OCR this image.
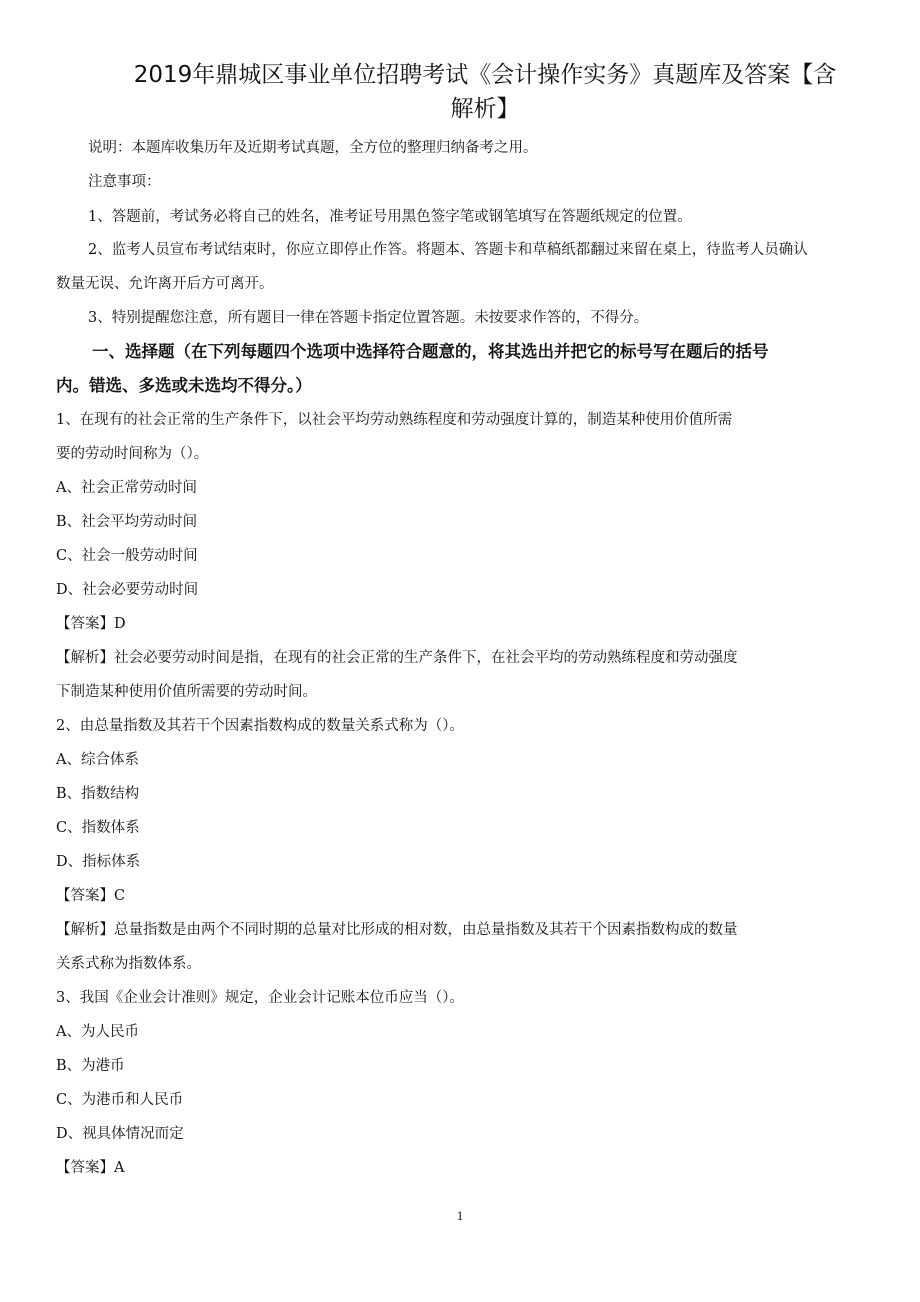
2019年鼎城区事业单位招聘考试《会计操作实务》真题库及答案【含
解析】

说明：本题库收集历年及近期考试真题，全方位的整理归纳备考之用。

注意事项：

1、答题前，考试务必将自己的姓名，准考证号用黑色签字笔或钢笔填写在答题纸规定的位置。

2、监考人员宣布考试结束时，你应立即停止作答。将题本、答题卡和草稿纸都翻过来留在桌上，待监考人员确认

数量无误、允许离开后方可离开。

3、特别提醒您注意，所有题目一律在答题卡指定位置答题。未按要求作答的，不得分。

一、选择题（在下列每题四个选项中选择符合题意的，将其选出并把它的标号写在题后的括号

内。错选、多选或未选均不得分。）

1、在现有的社会正常的生产条件下，以社会平均劳动熟练程度和劳动强度计算的，制造某种使用价值所需

要的劳动时间称为（）。

A、社会正常劳动时间

B、社会平均劳动时间

C、社会一般劳动时间

D、社会必要劳动时间

【答案】D

【解析】社会必要劳动时间是指，在现有的社会正常的生产条件下，在社会平均的劳动熟练程度和劳动强度

下制造某种使用价值所需要的劳动时间。

2、由总量指数及其若干个因素指数构成的数量关系式称为（）。

A、综合体系

B、指数结构

C、指数体系

D、指标体系

【答案】C

【解析】总量指数是由两个不同时期的总量对比形成的相对数，由总量指数及其若干个因素指数构成的数量

关系式称为指数体系。

3、我国《企业会计准则》规定，企业会计记账本位币应当（）。

A、为人民币

B、为港币

C、为港币和人民币

D、视具体情况而定

【答案】A

1
